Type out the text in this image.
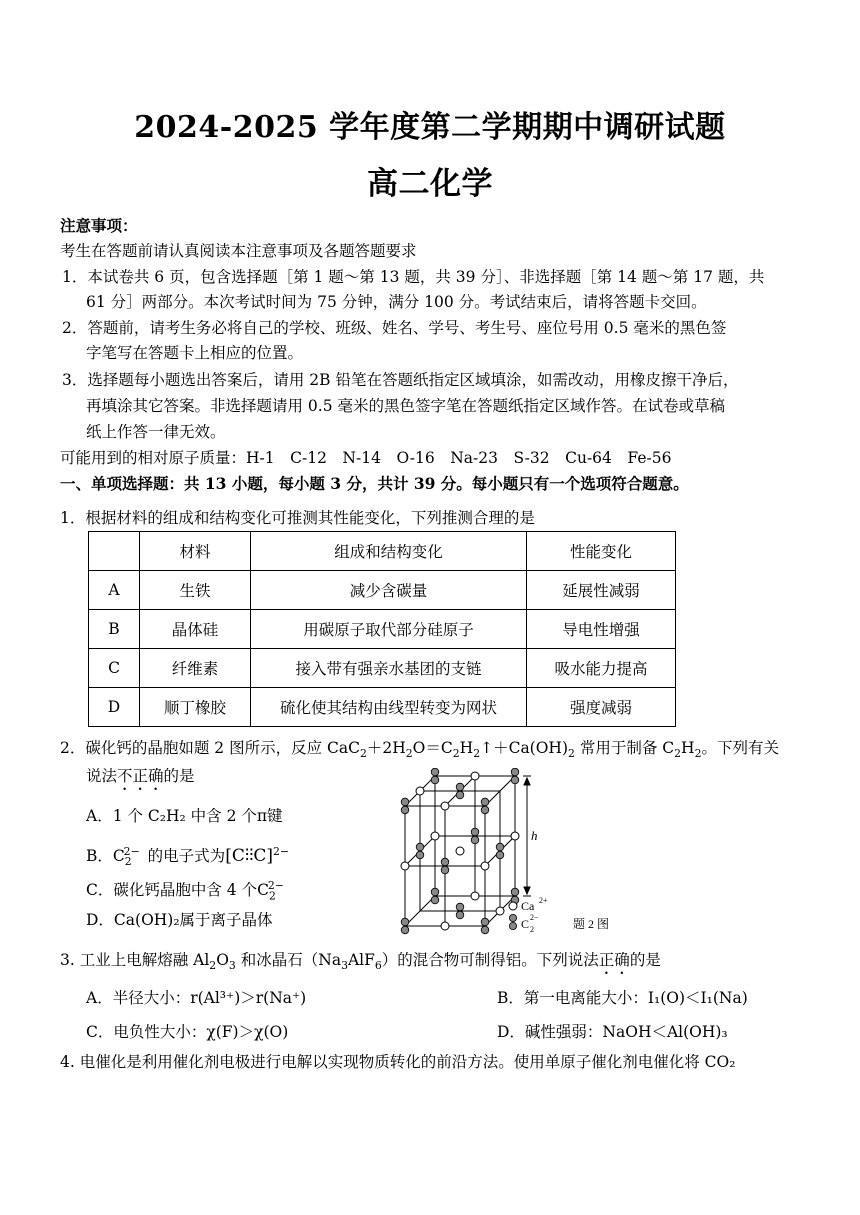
2024-2025 学年度第二学期期中调研试题
高二化学
注意事项：
考生在答题前请认真阅读本注意事项及各题答题要求
1．本试卷共 6 页，包含选择题［第 1 题～第 13 题，共 39 分］、非选择题［第 14 题～第 17 题，共
61 分］两部分。本次考试时间为 75 分钟，满分 100 分。考试结束后，请将答题卡交回。
2．答题前，请考生务必将自己的学校、班级、姓名、学号、考生号、座位号用 0.5 毫米的黑色签
字笔写在答题卡上相应的位置。
3．选择题每小题选出答案后，请用 2B 铅笔在答题纸指定区域填涂，如需改动，用橡皮擦干净后，
再填涂其它答案。非选择题请用 0.5 毫米的黑色签字笔在答题纸指定区域作答。在试卷或草稿
纸上作答一律无效。
可能用到的相对原子质量：H-1　C-12　N-14　O-16　Na-23　S-32　Cu-64　Fe-56
一、单项选择题：共 13 小题，每小题 3 分，共计 39 分。每小题只有一个选项符合题意。
1．根据材料的组成和结构变化可推测其性能变化，下列推测合理的是
	材料	组成和结构变化	性能变化
A	生铁	减少含碳量	延展性减弱
B	晶体硅	用碳原子取代部分硅原子	导电性增强
C	纤维素	接入带有强亲水基团的支链	吸水能力提高
D	顺丁橡胶	硫化使其结构由线型转变为网状	强度减弱
2．碳化钙的晶胞如题 2 图所示，反应 $CaC_2+2H_2O=C_2H_2↑+Ca(OH)_2$ 常用于制备 $C_2H_2$。下列有关
说法不正确的是
A．1 个 C₂H₂ 中含 2 个π键
B．$C_2^{2-}$ 的电子式为[C⫶⫶C]$^{2-}$
C．碳化钙晶胞中含 4 个$C_2^{2-}$
D．Ca(OH)₂属于离子晶体
h
Ca 2+
C 2
2−	题 2 图
3. 工业上电解熔融 $Al_2O_3$ 和冰晶石$(Na_3AlF_6)$的混合物可制得铝。下列说法正确的是
A．半径大小：r(Al³⁺)＞r(Na⁺)	B．第一电离能大小：I₁(O)＜I₁(Na)
C．电负性大小：χ(F)＞χ(O)	D．碱性强弱：NaOH＜Al(OH)₃
4. 电催化是利用催化剂电极进行电解以实现物质转化的前沿方法。使用单原子催化剂电催化将 CO₂
